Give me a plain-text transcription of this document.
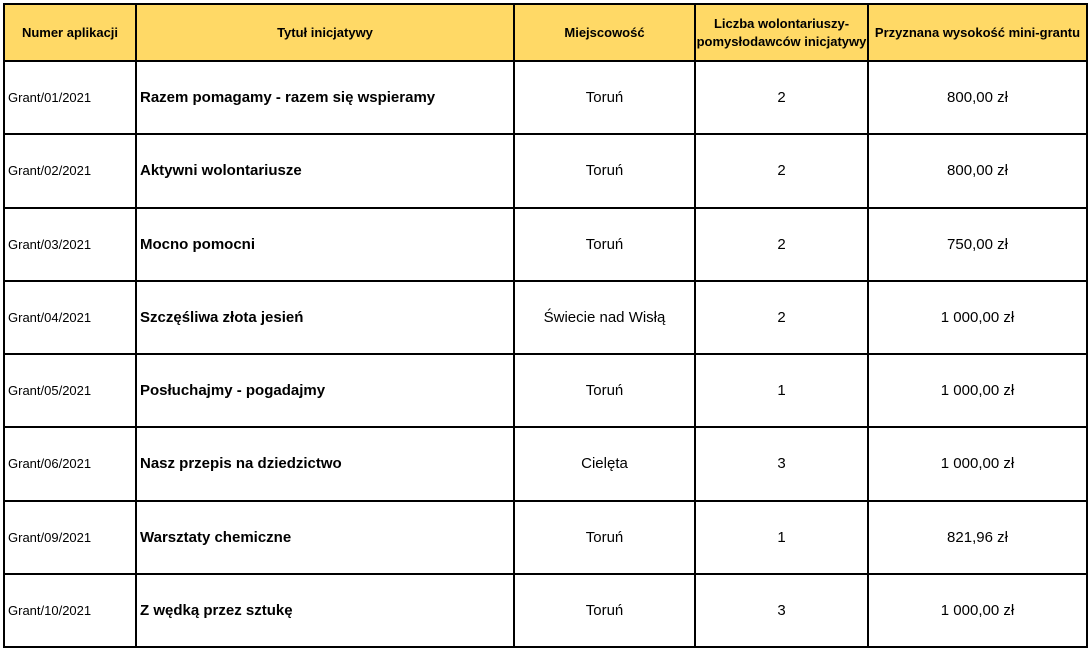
Numer aplikacji	Tytuł inicjatywy	Miejscowość	Liczba wolontariuszy-pomysłodawców inicjatywy	Przyznana wysokość mini-grantu
Grant/01/2021	Razem pomagamy - razem się wspieramy	Toruń	2	800,00 zł
Grant/02/2021	Aktywni wolontariusze	Toruń	2	800,00 zł
Grant/03/2021	Mocno pomocni	Toruń	2	750,00 zł
Grant/04/2021	Szczęśliwa złota jesień	Świecie nad Wisłą	2	1 000,00 zł
Grant/05/2021	Posłuchajmy - pogadajmy	Toruń	1	1 000,00 zł
Grant/06/2021	Nasz przepis na dziedzictwo	Cielęta	3	1 000,00 zł
Grant/09/2021	Warsztaty chemiczne	Toruń	1	821,96 zł
Grant/10/2021	Z wędką przez sztukę	Toruń	3	1 000,00 zł
